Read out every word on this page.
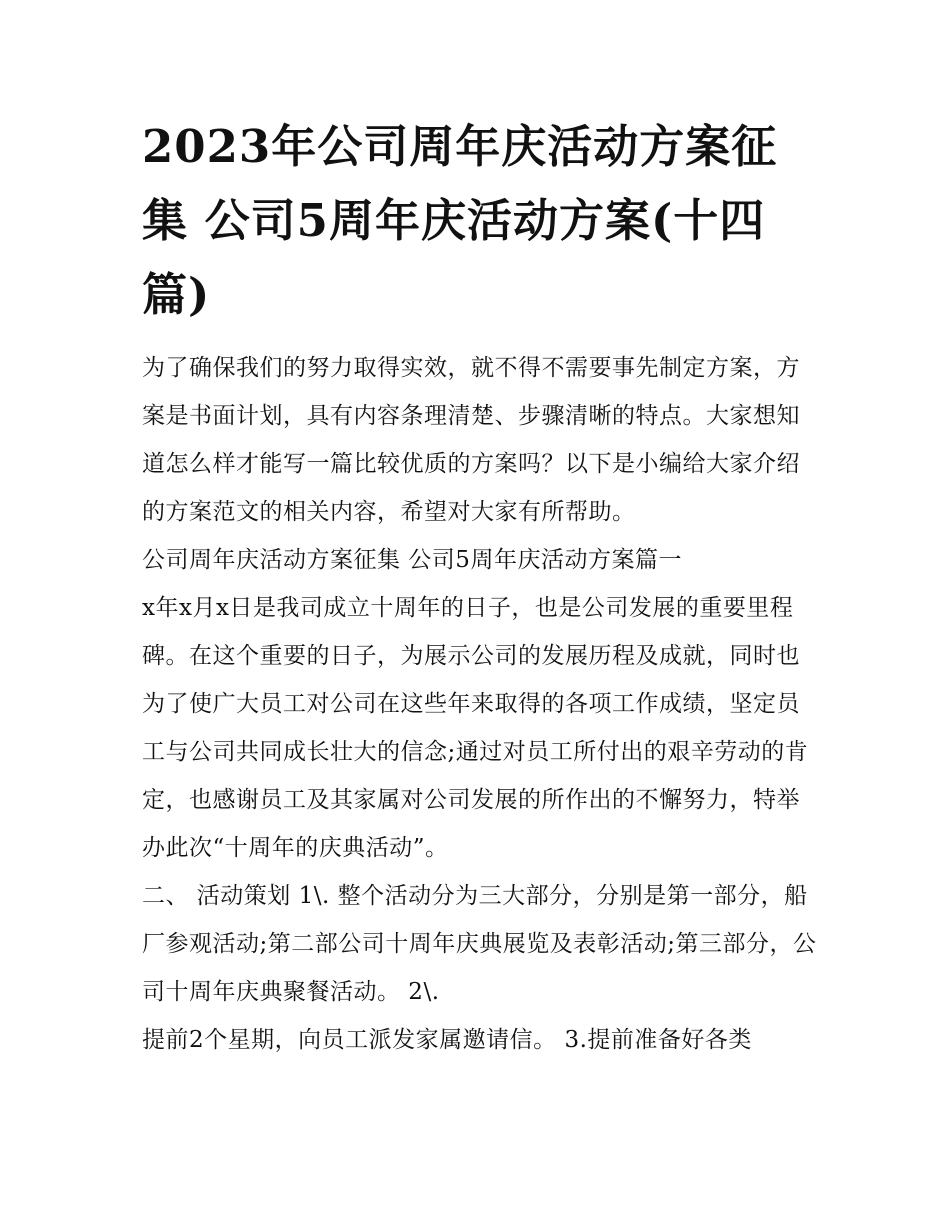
2023年公司周年庆活动方案征集 公司5周年庆活动方案(十四篇)

为了确保我们的努力取得实效，就不得不需要事先制定方案，方案是书面计划，具有内容条理清楚、步骤清晰的特点。大家想知道怎么样才能写一篇比较优质的方案吗？以下是小编给大家介绍的方案范文的相关内容，希望对大家有所帮助。

公司周年庆活动方案征集 公司5周年庆活动方案篇一

x年x月x日是我司成立十周年的日子，也是公司发展的重要里程碑。在这个重要的日子，为展示公司的发展历程及成就，同时也为了使广大员工对公司在这些年来取得的各项工作成绩，坚定员工与公司共同成长壮大的信念;通过对员工所付出的艰辛劳动的肯定，也感谢员工及其家属对公司发展的所作出的不懈努力，特举办此次“十周年的庆典活动”。

二、 活动策划 1\. 整个活动分为三大部分，分别是第一部分，船厂参观活动;第二部公司十周年庆典展览及表彰活动;第三部分，公司十周年庆典聚餐活动。 2\.

提前2个星期，向员工派发家属邀请信。 3.提前准备好各类
